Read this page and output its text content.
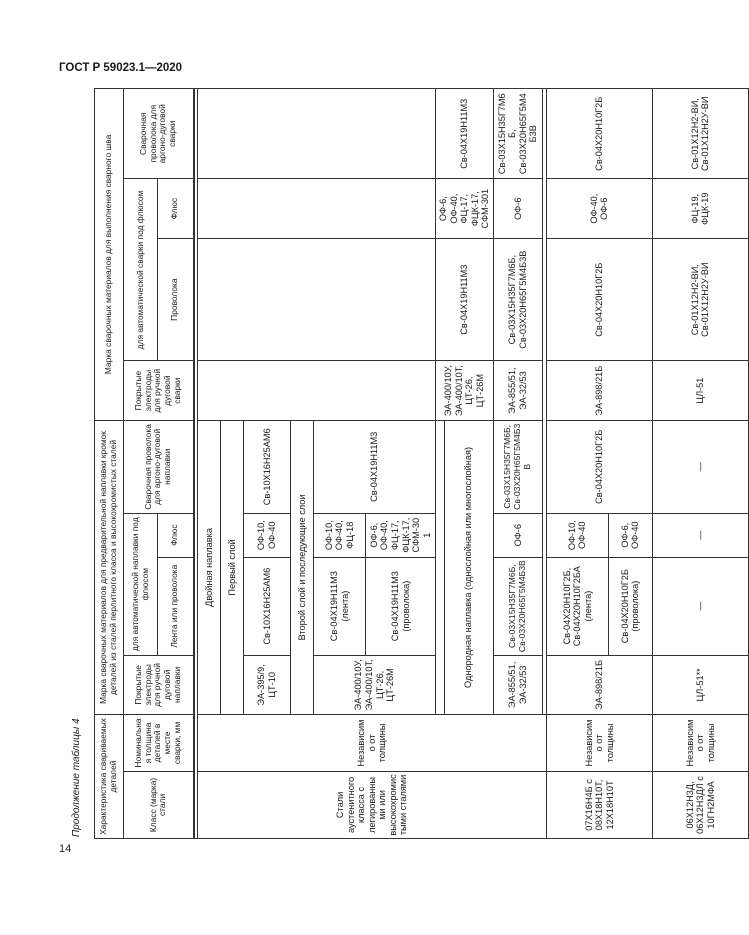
ГОСТ Р 59023.1—2020
Продолжение таблицы 4 Характеристика свариваемых деталей		Марка сварочных материалов для предварительной наплавки кромок деталей из сталей перлитного класса и высокохромистых сталей				Марка сварочных материалов для выполнения сварного шва			
Класс (марка) стали	Номинальная толщина деталей в месте сварки, мм	Покрытые электроды для ручной дуговой наплавки	для автоматической наплавки под флюсом		Сварочная проволока для аргоно-дуговой наплавки	Покрытые электроды для ручной дуговой сварки	для автоматической сварки под флюсом		Сварочная проволока для аргоно-дуговой сварки
			Лента или проволока	Флюс			Проволока	Флюс	

Стали аустенитного класса с легированными или высокохромистыми сталями	Независимо от толщины	Двойная наплавка							
		Первый слой							
		ЭА-395/9, ЦТ-10	Св-10Х16Н25АМ6	ОФ-10, ОФ-40	Св-10Х16Н25АМ6				
		Второй слой и последующие слои							
		ЭА-400/10У, ЭА-400/10Т, ЦТ-26, ЦТ-26М	Св-04Х19Н11М3 (лента)	ОФ-10, ОФ-40, ФЦ-18	Св-04Х19Н11М3				
			Св-04Х19Н11М3 (проволока)	ОФ-6, ОФ-40, ФЦ-17, ФЦК-17, СФМ-301					
						ЭА-400/10У, ЭА-400/10Т, ЦТ-26, ЦТ-26М	Св-04Х19Н11М3	ОФ-6, ОФ-40, ФЦ-17, ФЦК-17, СФМ-301	Св-04Х19Н11М3
		Однородная наплавка (однослойная или многослойная)							
		ЭА-855/51, ЭА-32/53	Св-03Х15Н35Г7М6Б, Св-03Х20Н65Г5М4Б3В	ОФ-6	Св-03Х15Н35Г7М6Б, Св-03Х20Н65Г5М4Б3В	ЭА-855/51, ЭА-32/53	Св-03Х15Н35Г7М6Б, Св-03Х20Н65Г5М4Б3В	ОФ-6	Св-03Х15Н35Г7М6Б, Св-03Х20Н65Г5М4Б3В

07Х16Н4Б с 08Х18Н10Т, 12Х18Н10Т	Независимо от толщины	ЭА-898/21Б	Св-04Х20Н10Г2Б, Св-04Х20Н10Г2БА (лента)	ОФ-10, ОФ-40	Св-04Х20Н10Г2Б	ЭА-898/21Б	Св-04Х20Н10Г2Б	ОФ-40, ОФ-6	Св-04Х20Н10Г2Б
			Св-04Х20Н10Г2Б (проволока)	ОФ-6, ОФ-40					
06Х12Н3Д, 06Х12Н3ДЛ с 10ГН2МФА	Независимо от толщины	ЦЛ-51**	—	—	—	ЦЛ-51	Св-01Х12Н2-ВИ, Св-01Х12Н2У-ВИ	ФЦ-19, ФЦК-19	Св-01Х12Н2-ВИ, Св-01Х12Н2У-ВИ
14
